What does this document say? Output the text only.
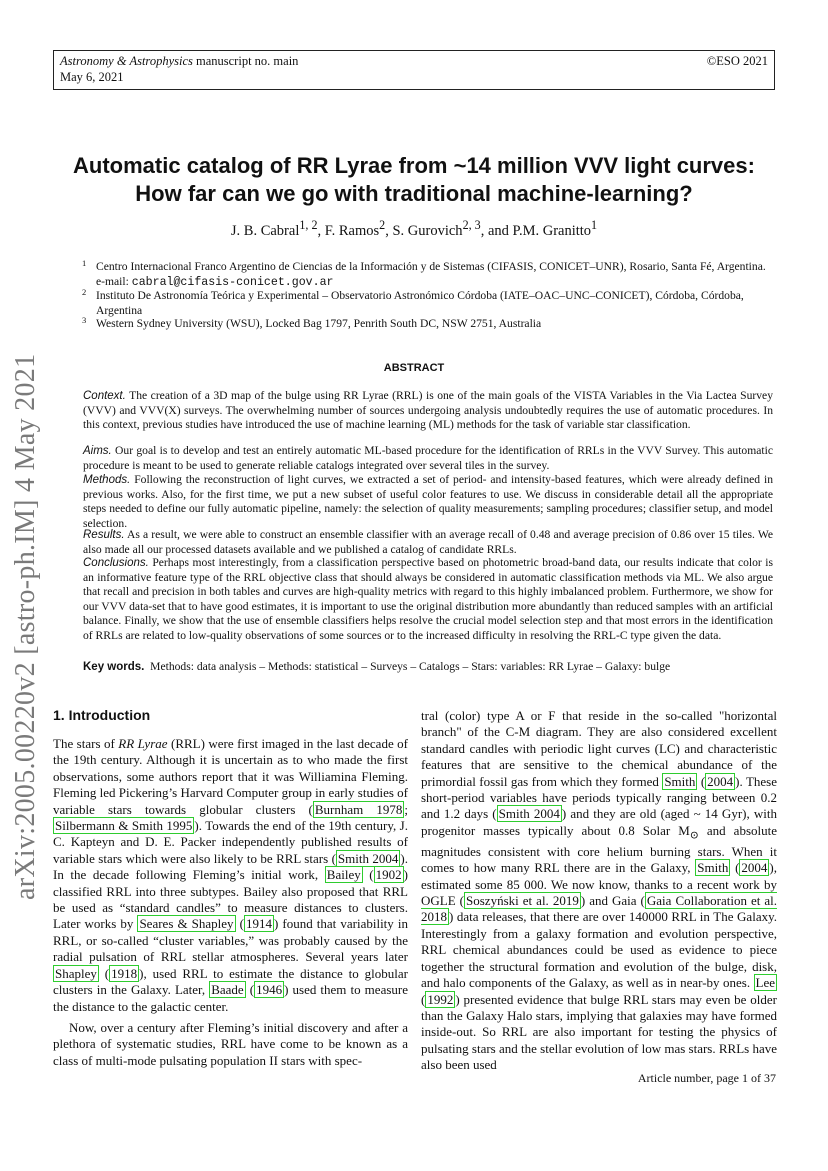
Astronomy & Astrophysics manuscript no. main
May 6, 2021
©ESO 2021
arXiv:2005.00220v2 [astro-ph.IM] 4 May 2021
Automatic catalog of RR Lyrae from ~14 million VVV light curves:
How far can we go with traditional machine-learning?
J. B. Cabral$^{1, 2}$, F. Ramos$^2$, S. Gurovich$^{2, 3}$, and P.M. Granitto$^1$
1 Centro Internacional Franco Argentino de Ciencias de la Información y de Sistemas (CIFASIS, CONICET–UNR), Rosario, Santa Fé, Argentina. e-mail: cabral@cifasis-conicet.gov.ar
2 Instituto De Astronomía Teórica y Experimental – Observatorio Astronómico Córdoba (IATE–OAC–UNC–CONICET), Córdoba, Córdoba, Argentina
3 Western Sydney University (WSU), Locked Bag 1797, Penrith South DC, NSW 2751, Australia
ABSTRACT
Context. The creation of a 3D map of the bulge using RR Lyrae (RRL) is one of the main goals of the VISTA Variables in the Via Lactea Survey (VVV) and VVV(X) surveys. The overwhelming number of sources undergoing analysis undoubtedly requires the use of automatic procedures. In this context, previous studies have introduced the use of machine learning (ML) methods for the task of variable star classification.
Aims. Our goal is to develop and test an entirely automatic ML-based procedure for the identification of RRLs in the VVV Survey. This automatic procedure is meant to be used to generate reliable catalogs integrated over several tiles in the survey.
Methods. Following the reconstruction of light curves, we extracted a set of period- and intensity-based features, which were already defined in previous works. Also, for the first time, we put a new subset of useful color features to use. We discuss in considerable detail all the appropriate steps needed to define our fully automatic pipeline, namely: the selection of quality measurements; sampling procedures; classifier setup, and model selection.
Results. As a result, we were able to construct an ensemble classifier with an average recall of 0.48 and average precision of 0.86 over 15 tiles. We also made all our processed datasets available and we published a catalog of candidate RRLs.
Conclusions. Perhaps most interestingly, from a classification perspective based on photometric broad-band data, our results indicate that color is an informative feature type of the RRL objective class that should always be considered in automatic classification methods via ML. We also argue that recall and precision in both tables and curves are high-quality metrics with regard to this highly imbalanced problem. Furthermore, we show for our VVV data-set that to have good estimates, it is important to use the original distribution more abundantly than reduced samples with an artificial balance. Finally, we show that the use of ensemble classifiers helps resolve the crucial model selection step and that most errors in the identification of RRLs are related to low-quality observations of some sources or to the increased difficulty in resolving the RRL-C type given the data.
Key words. Methods: data analysis – Methods: statistical – Surveys – Catalogs – Stars: variables: RR Lyrae – Galaxy: bulge
1. Introduction

The stars of RR Lyrae (RRL) were first imaged in the last decade of the 19th century. Although it is uncertain as to who made the first observations, some authors report that it was Williamina Fleming. Fleming led Pickering’s Harvard Computer group in early studies of variable stars towards globular clusters ( Burnham 1978 ; Silbermann & Smith 1995 ). Towards the end of the 19th century, J. C. Kapteyn and D. E. Packer independently published results of variable stars which were also likely to be RRL stars ( Smith 2004 ). In the decade following Fleming’s initial work, Bailey ( 1902 ) classified RRL into three subtypes. Bailey also proposed that RRL be used as “standard candles” to measure distances to clusters. Later works by Seares & Shapley ( 1914 ) found that variability in RRL, or so-called “cluster variables,” was probably caused by the radial pulsation of RRL stellar atmospheres. Several years later Shapley ( 1918 ), used RRL to estimate the distance to globular clusters in the Galaxy. Later, Baade ( 1946 ) used them to measure the distance to the galactic center.

Now, over a century after Fleming’s initial discovery and after a plethora of systematic studies, RRL have come to be known as a class of multi-mode pulsating population II stars with spec-

tral (color) type A or F that reside in the so-called "horizontal branch" of the C-M diagram. They are also considered excellent standard candles with periodic light curves (LC) and characteristic features that are sensitive to the chemical abundance of the primordial fossil gas from which they formed Smith ( 2004 ). These short-period variables have periods typically ranging between 0.2 and 1.2 days ( Smith 2004 ) and they are old (aged ~ 14 Gyr), with progenitor masses typically about 0.8 Solar $M_⊙$ and absolute magnitudes consistent with core helium burning stars. When it comes to how many RRL there are in the Galaxy, Smith ( 2004 ), estimated some 85 000. We now know, thanks to a recent work by OGLE ( Soszyński et al. 2019 ) and Gaia ( Gaia Collaboration et al. 2018 ) data releases, that there are over 140000 RRL in The Galaxy. Interestingly from a galaxy formation and evolution perspective, RRL chemical abundances could be used as evidence to piece together the structural formation and evolution of the bulge, disk, and halo components of the Galaxy, as well as in near-by ones. Lee ( 1992 ) presented evidence that bulge RRL stars may even be older than the Galaxy Halo stars, implying that galaxies may have formed inside-out. So RRL are also important for testing the physics of pulsating stars and the stellar evolution of low mas stars. RRLs have also been used

Article number, page 1 of 37
